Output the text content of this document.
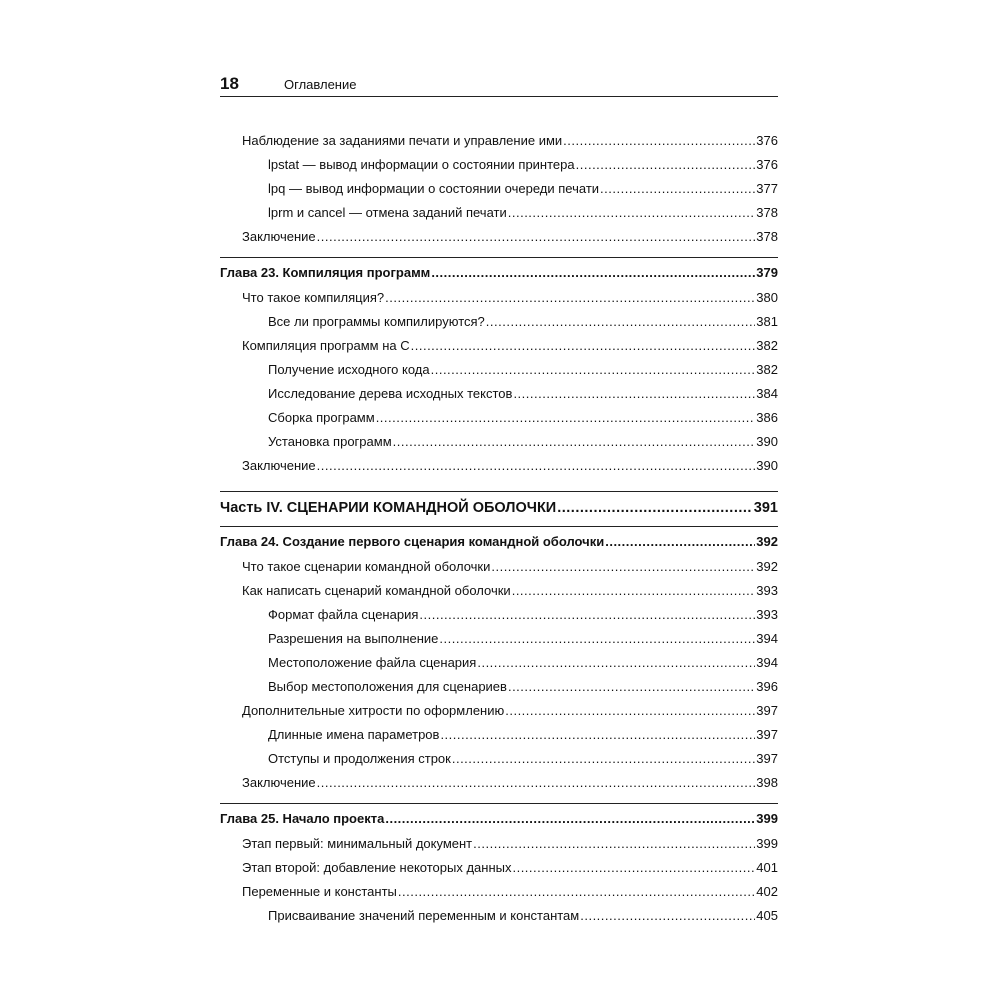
18	Оглавление
Наблюдение за заданиями печати и управление ими .....	376
lpstat — вывод информации о состоянии принтера .....	376
lpq — вывод информации о состоянии очереди печати .....	377
lprm и cancel — отмена заданий печати .....	378
Заключение .....	378
Глава 23. Компиляция программ .....	379
Что такое компиляция? .....	380
Все ли программы компилируются? .....	381
Компиляция программ на C .....	382
Получение исходного кода .....	382
Исследование дерева исходных текстов .....	384
Сборка программ .....	386
Установка программ .....	390
Заключение .....	390
Часть IV. СЦЕНАРИИ КОМАНДНОЙ ОБОЛОЧКИ .....	391
Глава 24. Создание первого сценария командной оболочки .....	392
Что такое сценарии командной оболочки .....	392
Как написать сценарий командной оболочки .....	393
Формат файла сценария .....	393
Разрешения на выполнение .....	394
Местоположение файла сценария .....	394
Выбор местоположения для сценариев .....	396
Дополнительные хитрости по оформлению .....	397
Длинные имена параметров .....	397
Отступы и продолжения строк .....	397
Заключение .....	398
Глава 25. Начало проекта .....	399
Этап первый: минимальный документ .....	399
Этап второй: добавление некоторых данных .....	401
Переменные и константы .....	402
Присваивание значений переменным и константам .....	405
